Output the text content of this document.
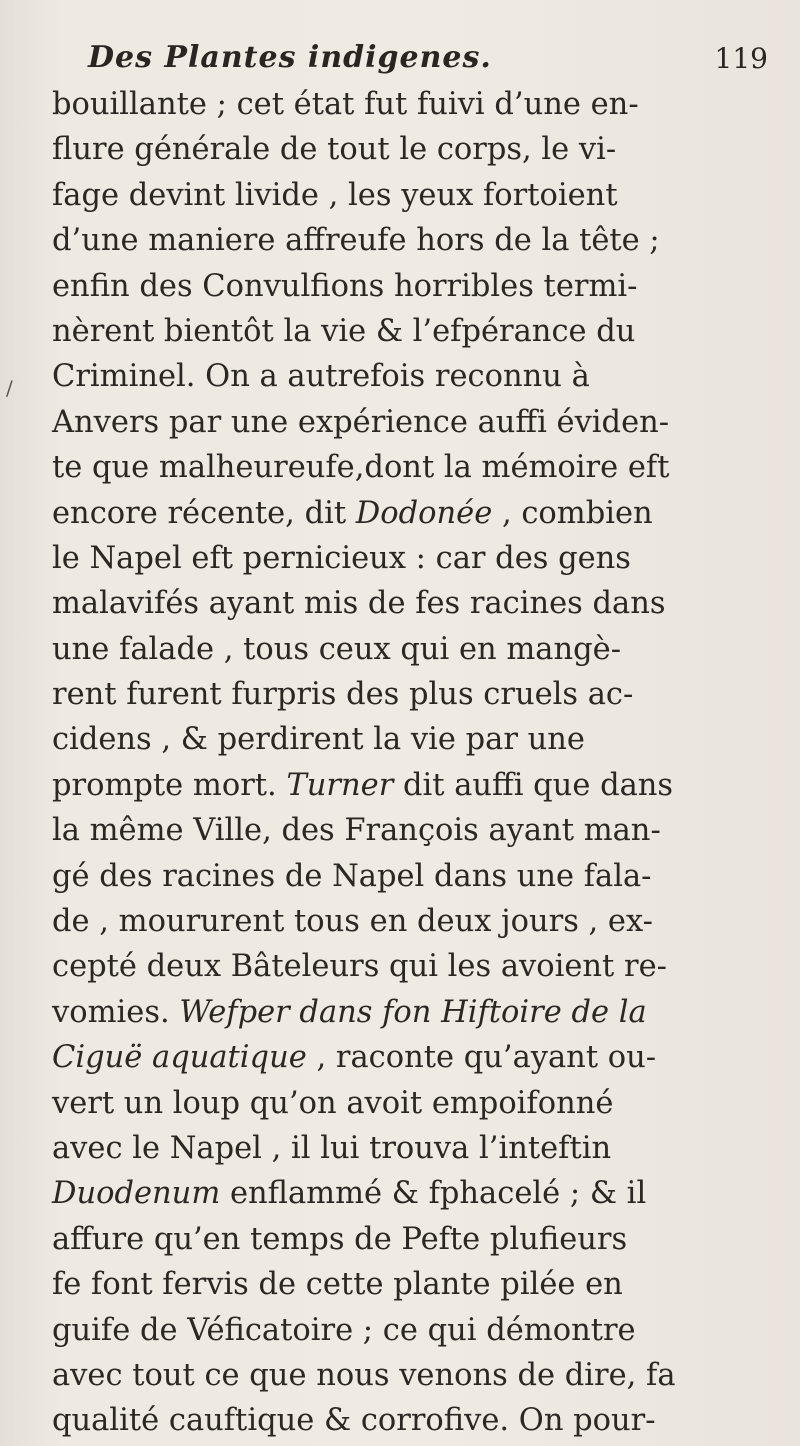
Des Plantes indigenes.	119
/
bouillante ; cet état fut fuivi d’une en-
flure générale de tout le corps, le vi-
fage devint livide , les yeux fortoient
d’une maniere affreufe hors de la tête ;
enfin des Convulfions horribles termi-
nèrent bientôt la vie & l’efpérance du
Criminel. On a autrefois reconnu à
Anvers par une expérience auffi éviden-
te que malheureufe,dont la mémoire eft
encore récente, dit Dodonée , combien
le Napel eft pernicieux : car des gens
malavifés ayant mis de fes racines dans
une falade , tous ceux qui en mangè-
rent furent furpris des plus cruels ac-
cidens , & perdirent la vie par une
prompte mort. Turner dit auffi que dans
la même Ville, des François ayant man-
gé des racines de Napel dans une fala-
de , moururent tous en deux jours , ex-
cepté deux Bâteleurs qui les avoient re-
vomies. Wefper dans fon Hiftoire de la
Ciguë aquatique , raconte qu’ayant ou-
vert un loup qu’on avoit empoifonné
avec le Napel , il lui trouva l’inteftin
Duodenum enflammé & fphacelé ; & il
affure qu’en temps de Pefte plufieurs
fe font fervis de cette plante pilée en
guife de Véficatoire ; ce qui démontre
avec tout ce que nous venons de dire, fa
qualité cauftique & corrofive. On pour-
